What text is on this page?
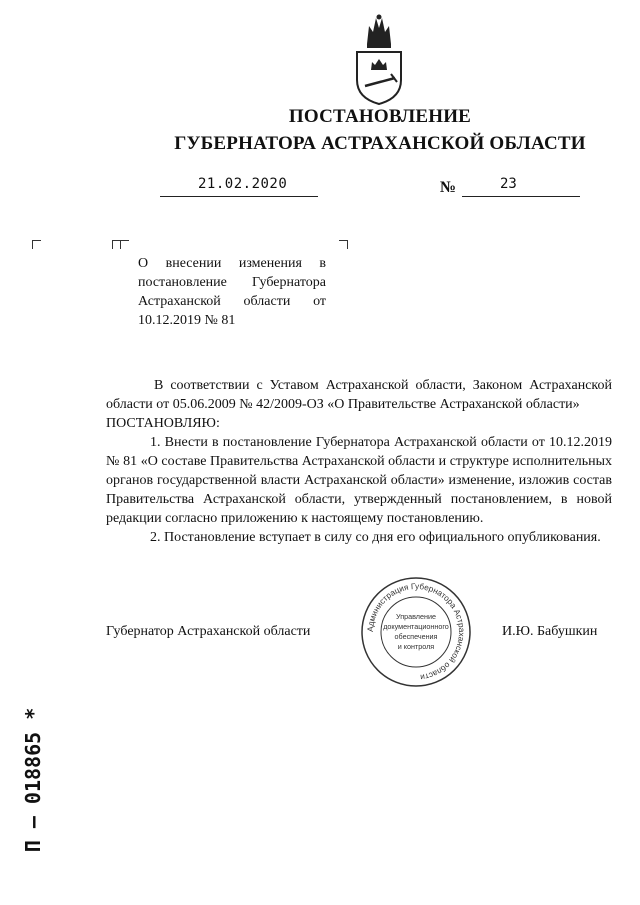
ПОСТАНОВЛЕНИЕ
ГУБЕРНАТОРА АСТРАХАНСКОЙ ОБЛАСТИ
21.02.2020	№	23
О внесении изменения в постановление Губернатора Астраханской области от 10.12.2019 № 81

В соответствии с Уставом Астраханской области, Законом Астраханской области от 05.06.2009 № 42/2009-ОЗ «О Правительстве Астраханской области»

ПОСТАНОВЛЯЮ:

1. Внести в постановление Губернатора Астраханской области от 10.12.2019 № 81 «О составе Правительства Астраханской области и структуре исполнительных органов государственной власти Астраханской области» изменение, изложив состав Правительства Астраханской области, утвержденный постановлением, в новой редакции согласно приложению к настоящему постановлению.

2. Постановление вступает в силу со дня его официального опубликования.

Губернатор Астраханской области	И.Ю. Бабушкин
Администрация Губернатора Астраханской области
Управление
документационного
обеспечения
и контроля
П – 018865 *
